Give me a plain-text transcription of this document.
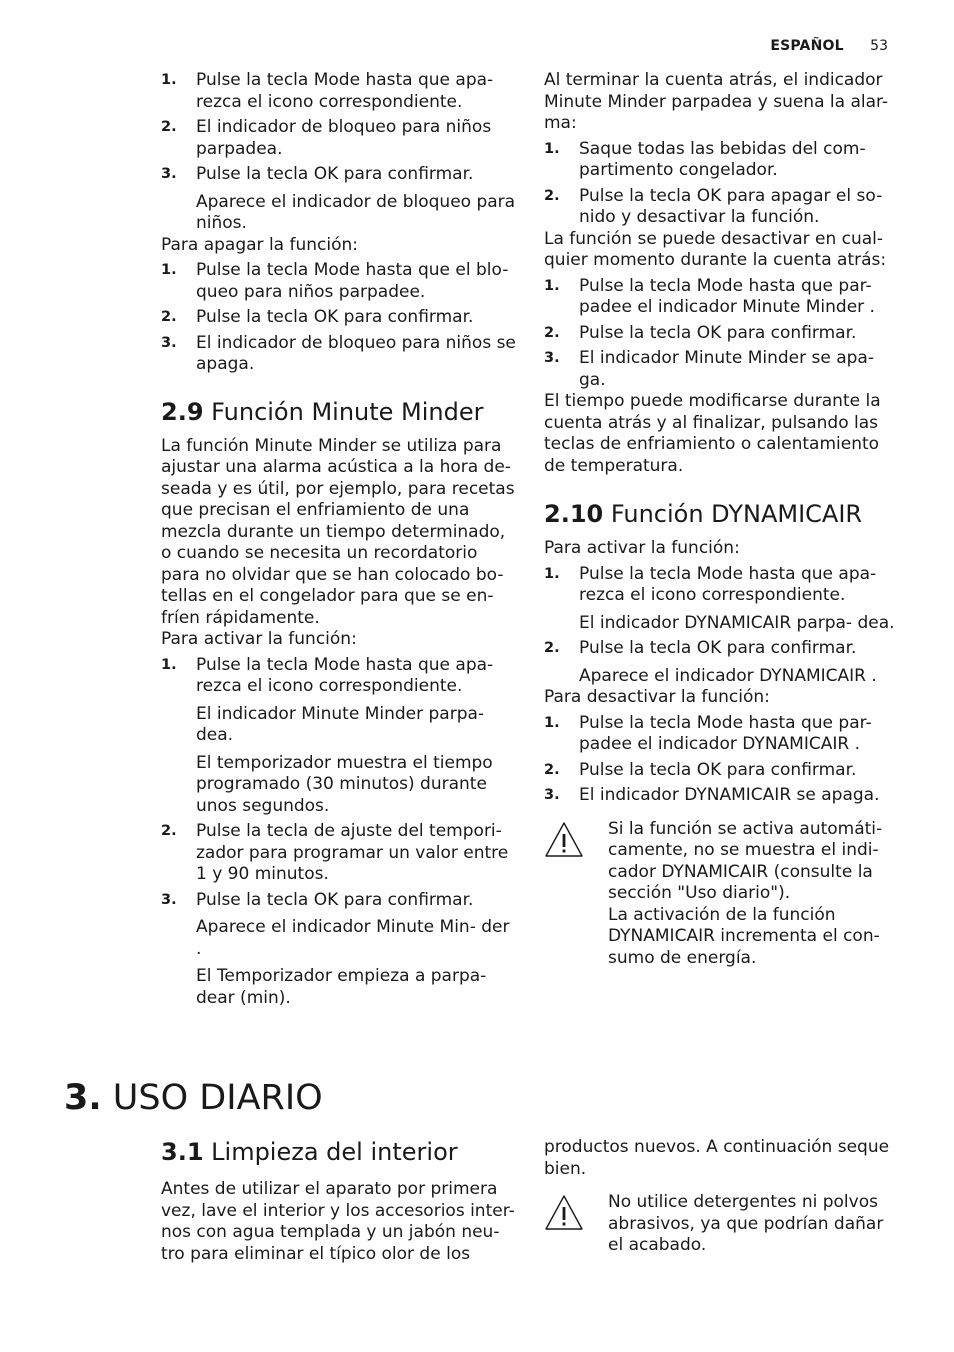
ESPAÑOL 53
1. Pulse la tecla Mode hasta que apa- rezca el icono correspondiente.
2. El indicador de bloqueo para niños parpadea.
3. Pulse la tecla OK para confirmar.
Aparece el indicador de bloqueo para niños.

Para apagar la función:

1. Pulse la tecla Mode hasta que el blo- queo para niños parpadee.
2. Pulse la tecla OK para confirmar.
3. El indicador de bloqueo para niños se apaga.
2.9 Función Minute Minder

La función Minute Minder se utiliza para ajustar una alarma acústica a la hora de- seada y es útil, por ejemplo, para recetas que precisan el enfriamiento de una mezcla durante un tiempo determinado, o cuando se necesita un recordatorio para no olvidar que se han colocado bo- tellas en el congelador para que se en- fríen rápidamente.

Para activar la función:

1. Pulse la tecla Mode hasta que apa- rezca el icono correspondiente.
El indicador Minute Minder parpa- dea.
El temporizador muestra el tiempo programado (30 minutos) durante unos segundos.
2. Pulse la tecla de ajuste del tempori- zador para programar un valor entre 1 y 90 minutos.
3. Pulse la tecla OK para confirmar.
Aparece el indicador Minute Min- der .
El Temporizador empieza a parpa- dear (min).

Al terminar la cuenta atrás, el indicador Minute Minder parpadea y suena la alar- ma:

1. Saque todas las bebidas del com- partimento congelador.
2. Pulse la tecla OK para apagar el so- nido y desactivar la función.

La función se puede desactivar en cual- quier momento durante la cuenta atrás:

1. Pulse la tecla Mode hasta que par- padee el indicador Minute Minder .
2. Pulse la tecla OK para confirmar.
3. El indicador Minute Minder se apa- ga.

El tiempo puede modificarse durante la cuenta atrás y al finalizar, pulsando las teclas de enfriamiento o calentamiento de temperatura.

2.10 Función DYNAMICAIR

Para activar la función:

1. Pulse la tecla Mode hasta que apa- rezca el icono correspondiente.
El indicador DYNAMICAIR parpa- dea.
2. Pulse la tecla OK para confirmar.
Aparece el indicador DYNAMICAIR .

Para desactivar la función:

1. Pulse la tecla Mode hasta que par- padee el indicador DYNAMICAIR .
2. Pulse la tecla OK para confirmar.
3. El indicador DYNAMICAIR se apaga.
Si la función se activa automáti- camente, no se muestra el indi- cador DYNAMICAIR (consulte la sección "Uso diario").
La activación de la función DYNAMICAIR incrementa el con- sumo de energía.
3. USO DIARIO
3.1 Limpieza del interior

Antes de utilizar el aparato por primera vez, lave el interior y los accesorios inter- nos con agua templada y un jabón neu- tro para eliminar el típico olor de los

productos nuevos. A continuación seque bien.

No utilice detergentes ni polvos abrasivos, ya que podrían dañar el acabado.
